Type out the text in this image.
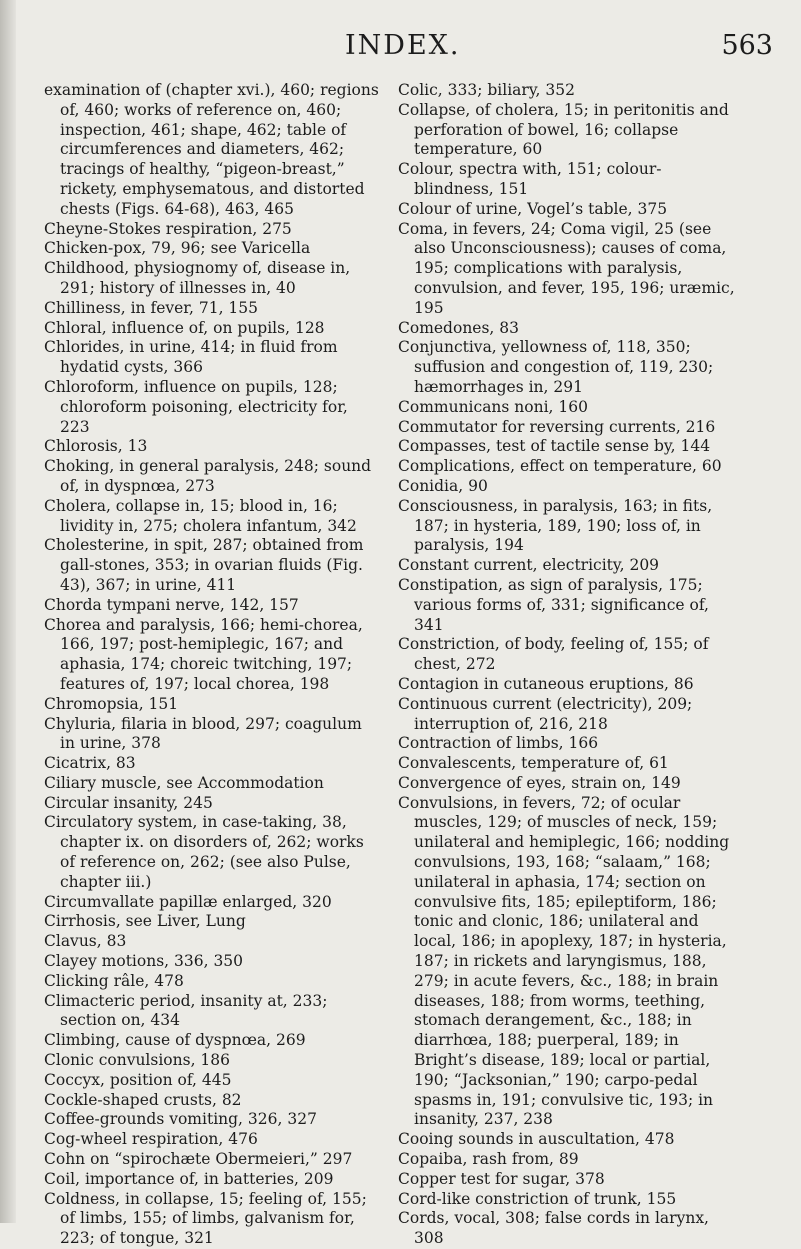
INDEX.	563

examination of (chapter xvi.), 460; regions of, 460; works of reference on, 460; inspection, 461; shape, 462; table of circumferences and diameters, 462; tracings of healthy, “pigeon-breast,” rickety, emphysematous, and distorted chests (Figs. 64-68), 463, 465

Cheyne-Stokes respiration, 275

Chicken-pox, 79, 96; see Varicella

Childhood, physiognomy of, disease in, 291; history of illnesses in, 40

Chilliness, in fever, 71, 155

Chloral, influence of, on pupils, 128

Chlorides, in urine, 414; in fluid from hydatid cysts, 366

Chloroform, influence on pupils, 128; chloroform poisoning, electricity for, 223

Chlorosis, 13

Choking, in general paralysis, 248; sound of, in dyspnœa, 273

Cholera, collapse in, 15; blood in, 16; lividity in, 275; cholera infantum, 342

Cholesterine, in spit, 287; obtained from gall-stones, 353; in ovarian fluids (Fig. 43), 367; in urine, 411

Chorda tympani nerve, 142, 157

Chorea and paralysis, 166; hemi-chorea, 166, 197; post-hemiplegic, 167; and aphasia, 174; choreic twitching, 197; features of, 197; local chorea, 198

Chromopsia, 151

Chyluria, filaria in blood, 297; coagulum in urine, 378

Cicatrix, 83

Ciliary muscle, see Accommodation

Circular insanity, 245

Circulatory system, in case-taking, 38, chapter ix. on disorders of, 262; works of reference on, 262; (see also Pulse, chapter iii.)

Circumvallate papillæ enlarged, 320

Cirrhosis, see Liver, Lung

Clavus, 83

Clayey motions, 336, 350

Clicking râle, 478

Climacteric period, insanity at, 233; section on, 434

Climbing, cause of dyspnœa, 269

Clonic convulsions, 186

Coccyx, position of, 445

Cockle-shaped crusts, 82

Coffee-grounds vomiting, 326, 327

Cog-wheel respiration, 476

Cohn on “spirochæte Obermeieri,” 297

Coil, importance of, in batteries, 209

Coldness, in collapse, 15; feeling of, 155; of limbs, 155; of limbs, galvanism for, 223; of tongue, 321

Colic, 333; biliary, 352

Collapse, of cholera, 15; in peritonitis and perforation of bowel, 16; collapse temperature, 60

Colour, spectra with, 151; colour-blindness, 151

Colour of urine, Vogel’s table, 375

Coma, in fevers, 24; Coma vigil, 25 (see also Unconsciousness); causes of coma, 195; complications with paralysis, convulsion, and fever, 195, 196; uræmic, 195

Comedones, 83

Conjunctiva, yellowness of, 118, 350; suffusion and congestion of, 119, 230; hæmorrhages in, 291

Communicans noni, 160

Commutator for reversing currents, 216

Compasses, test of tactile sense by, 144

Complications, effect on temperature, 60

Conidia, 90

Consciousness, in paralysis, 163; in fits, 187; in hysteria, 189, 190; loss of, in paralysis, 194

Constant current, electricity, 209

Constipation, as sign of paralysis, 175; various forms of, 331; significance of, 341

Constriction, of body, feeling of, 155; of chest, 272

Contagion in cutaneous eruptions, 86

Continuous current (electricity), 209; interruption of, 216, 218

Contraction of limbs, 166

Convalescents, temperature of, 61

Convergence of eyes, strain on, 149

Convulsions, in fevers, 72; of ocular muscles, 129; of muscles of neck, 159; unilateral and hemiplegic, 166; nodding convulsions, 193, 168; “salaam,” 168; unilateral in aphasia, 174; section on convulsive fits, 185; epileptiform, 186; tonic and clonic, 186; unilateral and local, 186; in apoplexy, 187; in hysteria, 187; in rickets and laryngismus, 188, 279; in acute fevers, &c., 188; in brain diseases, 188; from worms, teething, stomach derangement, &c., 188; in diarrhœa, 188; puerperal, 189; in Bright’s disease, 189; local or partial, 190; “Jacksonian,” 190; carpo-pedal spasms in, 191; convulsive tic, 193; in insanity, 237, 238

Cooing sounds in auscultation, 478

Copaiba, rash from, 89

Copper test for sugar, 378

Cord-like constriction of trunk, 155

Cords, vocal, 308; false cords in larynx, 308
